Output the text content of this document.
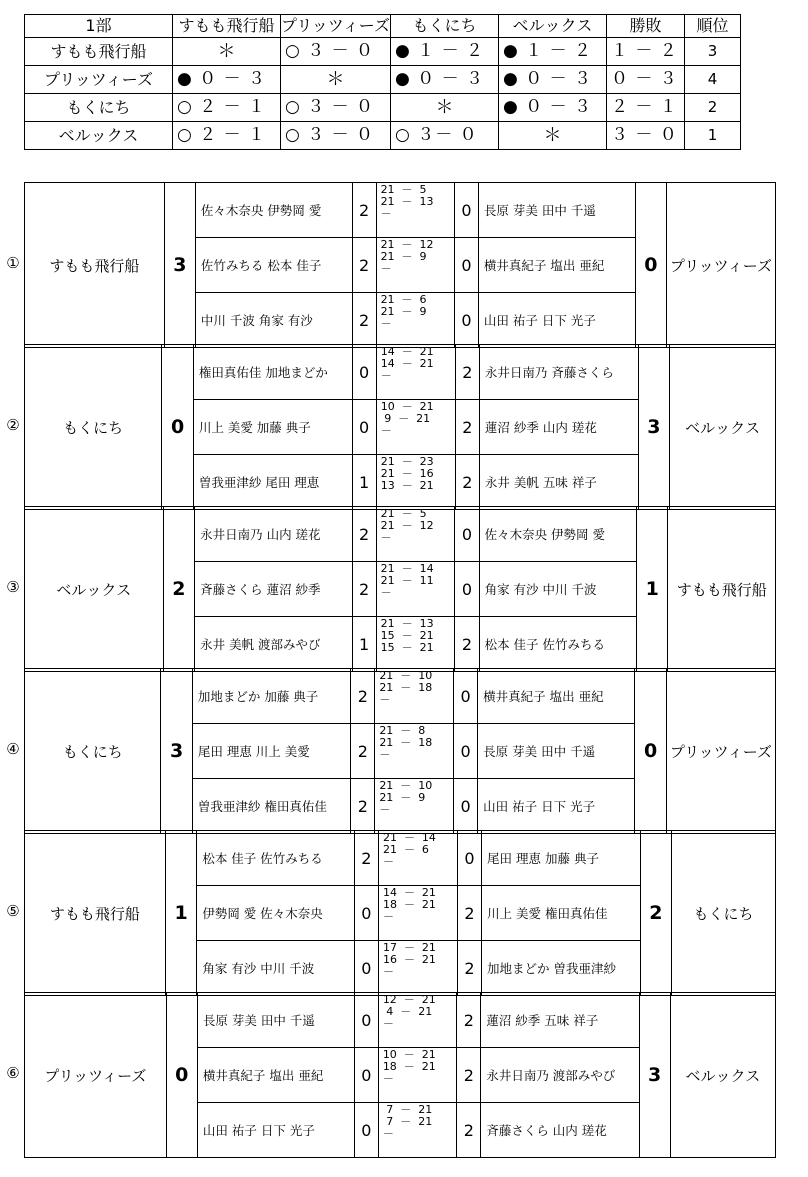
1部	すもも飛行船	プリッツィーズ	もくにち	ベルックス	勝敗	順位
すもも飛行船	＊	○ ３ － ０	● １ － ２	● １ － ２	１ － ２	3
プリッツィーズ	● ０ － ３	＊	● ０ － ３	● ０ － ３	０ － ３	4
もくにち	○ ２ － １	○ ３ － ０	＊	● ０ － ３	２ － １	2
ベルックス	○ ２ － １	○ ３ － ０	○ ３－ ０	＊	３ － ０	1
① すもも飛行船	3	佐々木奈央 伊勢岡 愛	2	21  －  5
21  －  13
－	0	長原 芽美 田中 千遥	0	プリッツィーズ
		佐竹みちる 松本 佳子	2	21  －  12
21  －  9
－	0	横井真紀子 塩出 亜紀		
		中川 千波 角家 有沙	2	21  －  6
21  －  9
－	0	山田 祐子 日下 光子		
②	もくにち	0	権田真佑佳 加地まどか	0	14  －  21
14  －  21
－	2	永井日南乃 斉藤さくら	3	ベルックス
		川上 美愛 加藤 典子	0	10  －  21
9  －  21
－	2	蓮沼 紗季 山内 瑳花		
		曽我亜津紗 尾田 理恵	1	21  －  23
21  －  16
13  －  21	2	永井 美帆 五味 祥子		
③ ベルックス	2	永井日南乃 山内 瑳花	2	21  －  5
21  －  12
－	0	佐々木奈央 伊勢岡 愛	1	すもも飛行船
		斉藤さくら 蓮沼 紗季	2	21  －  14
21  －  11
－	0	角家 有沙 中川 千波		
		永井 美帆 渡部みやび	1	21  －  13
15  －  21
15  －  21	2	松本 佳子 佐竹みちる		
④	もくにち	3	加地まどか 加藤 典子	2	21  －  10
21  －  18
－	0	横井真紀子 塩出 亜紀	0	プリッツィーズ
		尾田 理恵 川上 美愛	2	21  －  8
21  －  18
－	0	長原 芽美 田中 千遥		
		曽我亜津紗 権田真佑佳	2	21  －  10
21  －  9
－	0	山田 祐子 日下 光子		
⑤ すもも飛行船	1	松本 佳子 佐竹みちる	2	21  －  14
21  －  6
－	0	尾田 理恵 加藤 典子	2	もくにち
		伊勢岡 愛 佐々木奈央	0	14  －  21
18  －  21
－	2	川上 美愛 権田真佑佳		
		角家 有沙 中川 千波	0	17  －  21
16  －  21
－	2	加地まどか 曽我亜津紗		
⑥ プリッツィーズ	0	長原 芽美 田中 千遥	0	12  －  21
4  －  21
－	2	蓮沼 紗季 五味 祥子	3	ベルックス
		横井真紀子 塩出 亜紀	0	10  －  21
18  －  21
－	2	永井日南乃 渡部みやび		
		山田 祐子 日下 光子	0	7  －  21
7  －  21
－	2	斉藤さくら 山内 瑳花		
